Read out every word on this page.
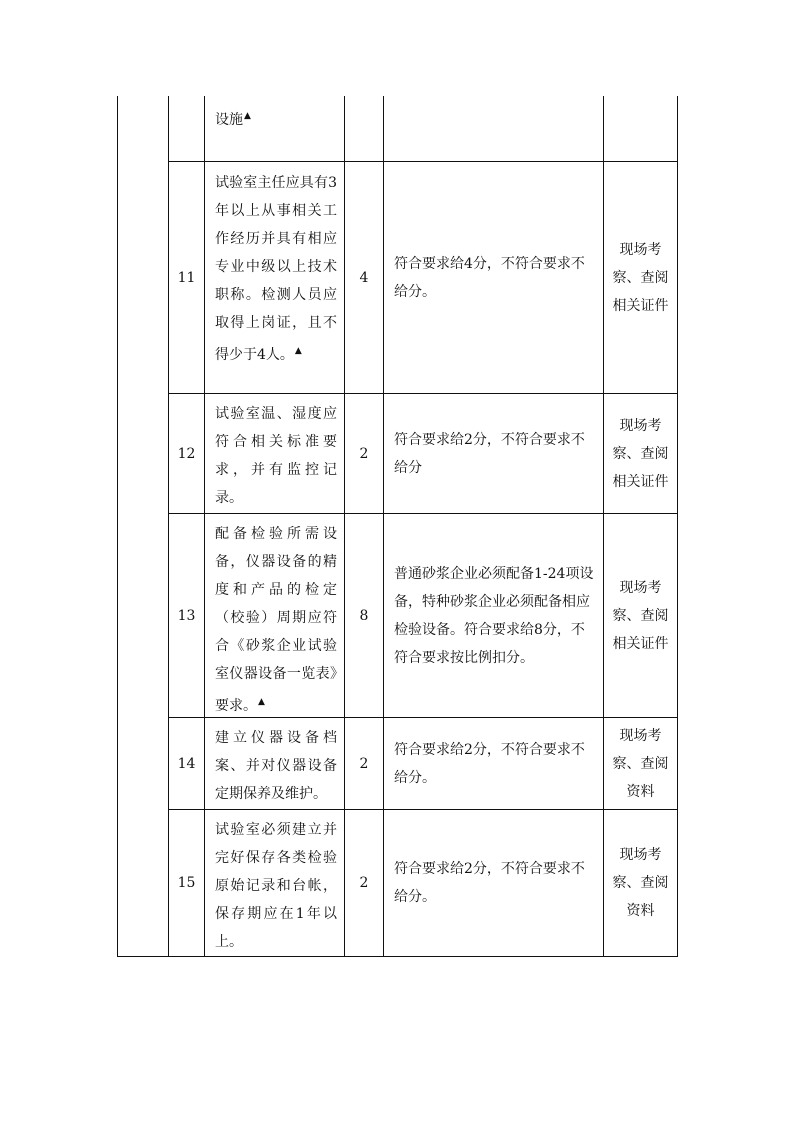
设施▲
11
试验室主任应具有3年以上从事相关工作经历并具有相应专业中级以上技术职称。检测人员应取得上岗证，且不得少于4人。▲
4
符合要求给4分，不符合要求不给分。
现场考察、查阅相关证件
12
试验室温、湿度应符合相关标准要求，并有监控记录。
2
符合要求给2分，不符合要求不给分
现场考察、查阅相关证件
13
配备检验所需设备，仪器设备的精度和产品的检定（校验）周期应符合《砂浆企业试验室仪器设备一览表》要求。▲
8
普通砂浆企业必须配备1-24项设备，特种砂浆企业必须配备相应检验设备。符合要求给8分，不符合要求按比例扣分。
现场考察、查阅相关证件
14
建立仪器设备档案、并对仪器设备定期保养及维护。
2
符合要求给2分，不符合要求不给分。
现场考察、查阅资料
15
试验室必须建立并完好保存各类检验原始记录和台帐，保存期应在1年以上。
2
符合要求给2分，不符合要求不给分。
现场考察、查阅资料
